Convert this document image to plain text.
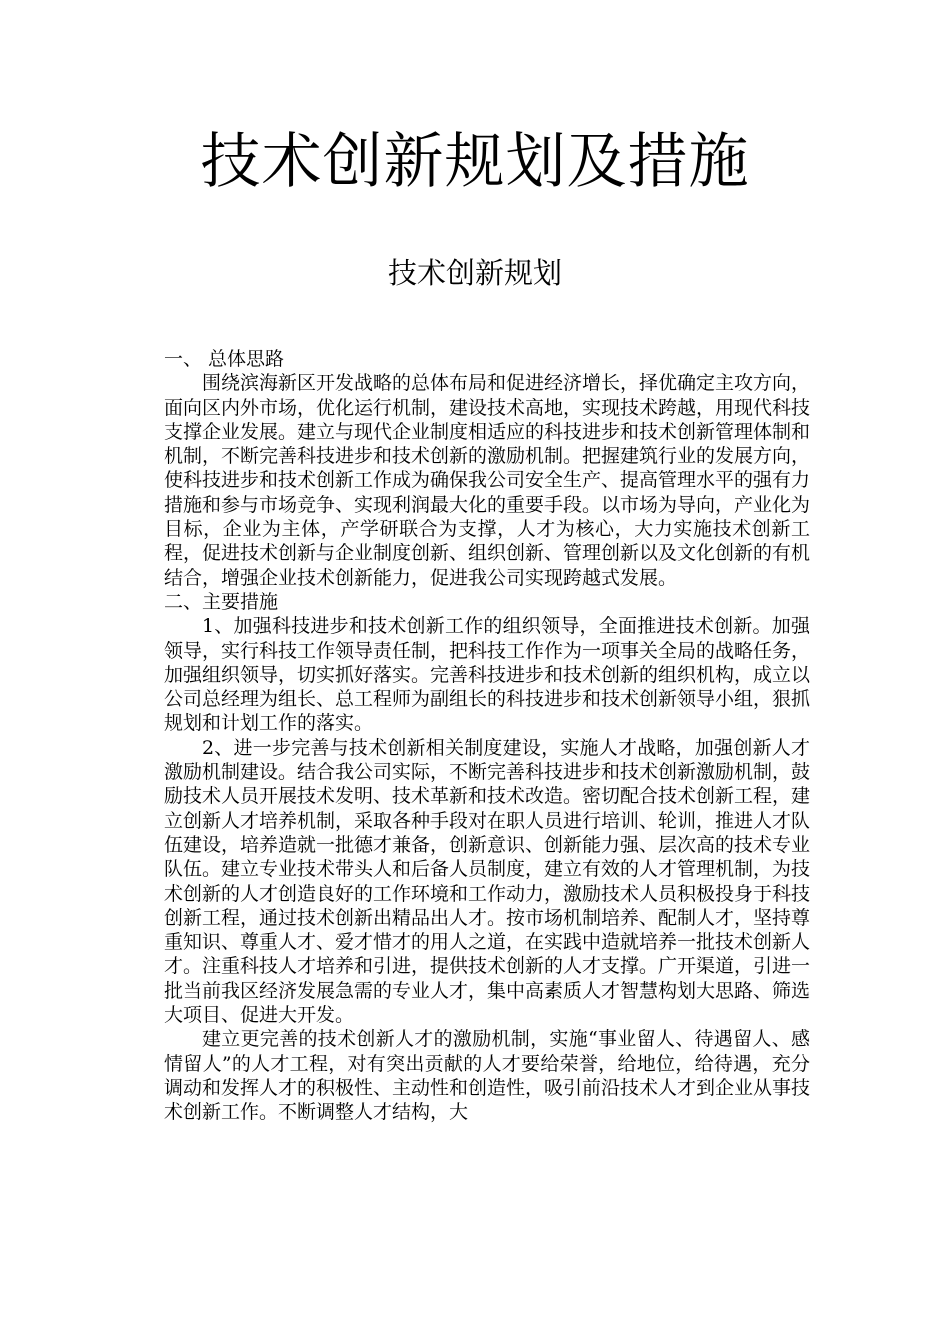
技术创新规划及措施
技术创新规划

一、 总体思路

围绕滨海新区开发战略的总体布局和促进经济增长，择优确定主攻方向，面向区内外市场，优化运行机制，建设技术高地，实现技术跨越，用现代科技支撑企业发展。建立与现代企业制度相适应的科技进步和技术创新管理体制和机制，不断完善科技进步和技术创新的激励机制。把握建筑行业的发展方向，使科技进步和技术创新工作成为确保我公司安全生产、提高管理水平的强有力措施和参与市场竞争、实现利润最大化的重要手段。以市场为导向，产业化为目标，企业为主体，产学研联合为支撑，人才为核心，大力实施技术创新工程，促进技术创新与企业制度创新、组织创新、管理创新以及文化创新的有机结合，增强企业技术创新能力，促进我公司实现跨越式发展。

二、主要措施

1、加强科技进步和技术创新工作的组织领导，全面推进技术创新。加强领导，实行科技工作领导责任制，把科技工作作为一项事关全局的战略任务，加强组织领导，切实抓好落实。完善科技进步和技术创新的组织机构，成立以公司总经理为组长、总工程师为副组长的科技进步和技术创新领导小组，狠抓规划和计划工作的落实。

2、进一步完善与技术创新相关制度建设，实施人才战略，加强创新人才激励机制建设。结合我公司实际，不断完善科技进步和技术创新激励机制，鼓励技术人员开展技术发明、技术革新和技术改造。密切配合技术创新工程，建立创新人才培养机制，采取各种手段对在职人员进行培训、轮训，推进人才队伍建设，培养造就一批德才兼备，创新意识、创新能力强、层次高的技术专业队伍。建立专业技术带头人和后备人员制度，建立有效的人才管理机制，为技术创新的人才创造良好的工作环境和工作动力，激励技术人员积极投身于科技创新工程，通过技术创新出精品出人才。按市场机制培养、配制人才，坚持尊重知识、尊重人才、爱才惜才的用人之道，在实践中造就培养一批技术创新人才。注重科技人才培养和引进，提供技术创新的人才支撑。广开渠道，引进一批当前我区经济发展急需的专业人才，集中高素质人才智慧构划大思路、筛选大项目、促进大开发。

建立更完善的技术创新人才的激励机制，实施“事业留人、待遇留人、感情留人”的人才工程，对有突出贡献的人才要给荣誉，给地位，给待遇，充分调动和发挥人才的积极性、主动性和创造性，吸引前沿技术人才到企业从事技术创新工作。不断调整人才结构，大
